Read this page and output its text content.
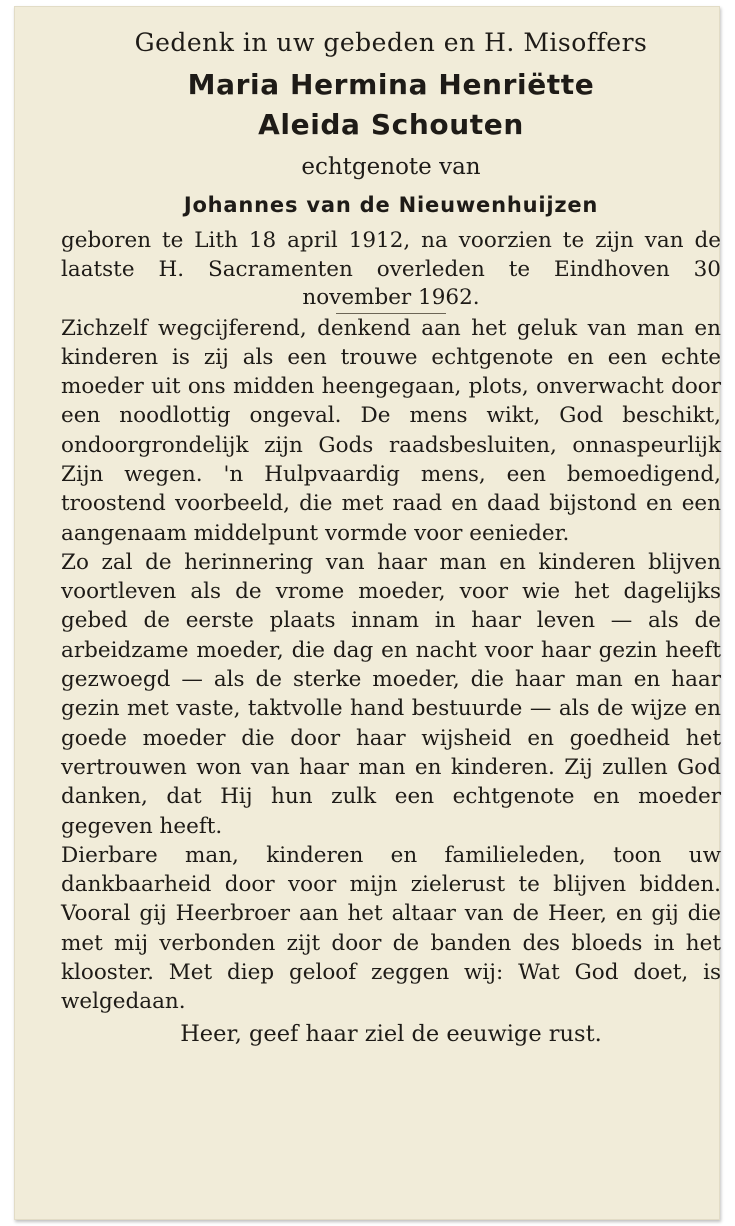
Gedenk in uw gebeden en H. Misoffers

Maria Hermina Henriëtte

Aleida Schouten

echtgenote van

Johannes van de Nieuwenhuijzen

geboren te Lith 18 april 1912, na voorzien te zijn van de laatste H. Sacramenten overleden te Eindhoven 30 november 1962.

Zichzelf wegcijferend, denkend aan het geluk van man en kinderen is zij als een trouwe echtgenote en een echte moeder uit ons midden heengegaan, plots, onverwacht door een noodlottig ongeval. De mens wikt, God beschikt, ondoorgrondelijk zijn Gods raadsbesluiten, onnaspeurlijk Zijn wegen. 'n Hulpvaardig mens, een bemoedigend, troostend voorbeeld, die met raad en daad bijstond en een aangenaam middelpunt vormde voor eenieder.

Zo zal de herinnering van haar man en kinderen blijven voortleven als de vrome moeder, voor wie het dagelijks gebed de eerste plaats innam in haar leven — als de arbeidzame moeder, die dag en nacht voor haar gezin heeft gezwoegd — als de sterke moeder, die haar man en haar gezin met vaste, taktvolle hand bestuurde — als de wijze en goede moeder die door haar wijsheid en goedheid het vertrouwen won van haar man en kinderen. Zij zullen God danken, dat Hij hun zulk een echtgenote en moeder gegeven heeft.

Dierbare man, kinderen en familieleden, toon uw dankbaarheid door voor mijn zielerust te blijven bidden. Vooral gij Heerbroer aan het altaar van de Heer, en gij die met mij verbonden zijt door de banden des bloeds in het klooster. Met diep geloof zeggen wij: Wat God doet, is welgedaan.

Heer, geef haar ziel de eeuwige rust.
